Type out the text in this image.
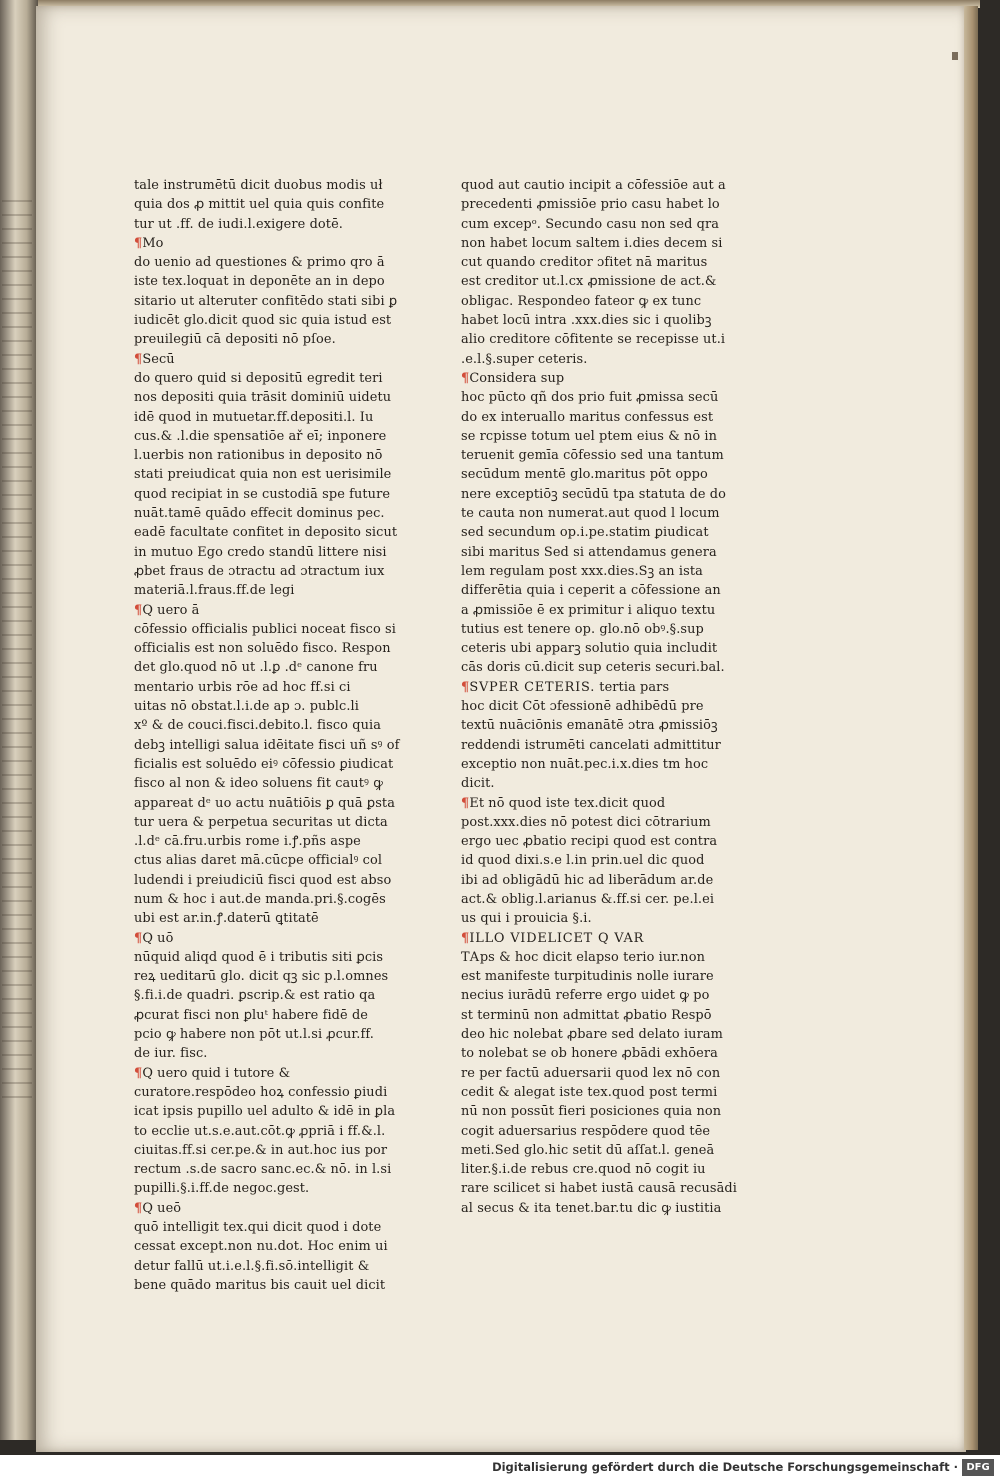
tale instrumētū dicit duobus modis uł
quia dos ꝓ mittit uel quia quis confite
tur ut .ff. de iudi.l.exigere dotē.
¶Mo
do uenio ad questiones & primo qro ā
iste tex.loquat in deponēte an in depo
sitario ut alteruter confitēdo stati sibi ꝑ
iudicēt glo.dicit quod sic quia istud est
preuilegiū cā depositi nō pſoe.
¶Secū
do quero quid si depositū egredit teri
nos depositi quia trāsit dominiū uidetu
idē quod in mutuetar.ff.depositi.l. Iu
cus.& .l.die spensatiōe ař eī; inponere
l.uerbis non rationibus in deposito nō
stati preiudicat quia non est uerisimile
quod recipiat in se custodiā spe future
nuāt.tamē quādo effecit dominus pec.
eadē facultate confitet in deposito sicut
in mutuo Ego credo standū littere nisi
ꝓbet fraus de ɔtractu ad ɔtractum iux
materiā.l.fraus.ff.de legi
¶Q uero ā
cōfessio officialis publici noceat fisco si
officialis est non soluēdo fisco. Respon
det glo.quod nō ut .l.ꝑ .dᵉ canone fru
mentario urbis rōe ad hoc ff.si ci
uitas nō obstat.l.i.de ap ɔ. publc.li
xº & de couci.fisci.debito.l. fisco quia
debꝫ intelligi salua idēitate fisci uñ sꝰ of
ficialis est soluēdo eiꝰ cōfessio ꝑiudicat
fisco al non & ideo soluens fit cautꝰ ꝙ
appareat dᵉ uo actu nuātiōis ꝑ quā ꝑsta
tur uera & perpetua securitas ut dicta
.l.dᵉ cā.fru.urbis rome i.ꝭ.pñs aspe
ctus alias daret mā.cūcpe officialꝰ col
ludendi i preiudiciū fisci quod est abso
num & hoc i aut.de manda.pri.§.cogēs
ubi est ar.in.ꝭ.daterū ꝗtitatē
¶Q uō
nūquid aliqd quod ē i tributis siti ꝑcis
reꝝ ueditarū glo. dicit qꝫ sic p.l.omnes
§.fi.i.de quadri. ꝑscrip.& est ratio qa
ꝓcurat fisci non ꝑluᵗ habere fidē de
pcio ꝙ habere non pōt ut.l.si ꝓcur.ff.
de iur. fisc.
¶Q uero quid i tutore &
curatore.respōdeo hoꝝ confessio ꝑiudi
icat ipsis pupillo uel adulto & idē in ꝑla
to ecclie ut.s.e.aut.cōt.ꝙ ꝓpriā i ff.&.l.
ciuitas.ff.si cer.pe.& in aut.hoc ius por
rectum .s.de sacro sanc.ec.& nō. in l.si
pupilli.§.i.ff.de negoc.gest.
¶Q ueō
quō intelligit tex.qui dicit quod i dote
cessat except.non nu.dot. Hoc enim ui
detur fallū ut.i.e.l.§.fi.sō.intelligit &
bene quādo maritus bis cauit uel dicit
quod aut cautio incipit a cōfessiōe aut a
precedenti ꝓmissiōe prio casu habet lo
cum excepᵒ. Secundo casu non sed qra
non habet locum saltem i.dies decem si
cut quando creditor ɔfitet nā maritus
est creditor ut.l.cx ꝓmissione de act.&
obligac. Respondeo fateor ꝙ ex tunc
habet locū intra .xxx.dies sic i quolibꝫ
alio creditore cōfitente se recepisse ut.i
.e.l.§.super ceteris.
¶Considera sup
hoc pūcto qñ dos prio fuit ꝓmissa secū
do ex interuallo maritus confessus est
se rcpisse totum uel ptem eius & nō in
teruenit gemīa cōfessio sed una tantum
secūdum mentē glo.maritus pōt oppo
nere exceptiōꝫ secūdū tpa statuta de do
te cauta non numerat.aut quod l locum
sed secundum op.i.pe.statim ꝑiudicat
sibi maritus Sed si attendamus genera
lem regulam post xxx.dies.Sꝫ an ista
differētia quia i ceperit a cōfessione an
a ꝓmissiōe ē ex primitur i aliquo textu
tutius est tenere op. glo.nō obꝰ.§.sup
ceteris ubi apparꝫ solutio quia includit
cās doris cū.dicit sup ceteris securi.bal.
¶SVPER CETERIS. tertia pars
hoc dicit Cōt ɔfessionē adhibēdū pre
textū nuāciōnis emanātē ɔtra ꝓmissiōꝫ
reddendi istrumēti cancelati admittitur
exceptio non nuāt.pec.i.x.dies tm hoc
dicit.
¶Et nō quod iste tex.dicit quod
post.xxx.dies nō potest dici cōtrarium
ergo uec ꝓbatio recipi quod est contra
id quod dixi.s.e l.in prin.uel dic quod
ibi ad obligādū hic ad liberādum ar.de
act.& oblig.l.arianus &.ff.si cer. pe.l.ei
us qui i prouicia §.i.
¶ILLO VIDELICET Q VAR
TAps & hoc dicit elapso terio iur.non
est manifeste turpitudinis nolle iurare
necius iurādū referre ergo uidet ꝙ po
st terminū non admittat ꝓbatio Respō
deo hic nolebat ꝓbare sed delato iuram
to nolebat se ob honere ꝓbādi exhōera
re per factū aduersarii quod lex nō con
cedit & alegat iste tex.quod post termi
nū non possūt fieri posiciones quia non
cogit aduersarius respōdere quod tēe
meti.Sed glo.hic setit dū aſſat.l. geneā
liter.§.i.de rebus cre.quod nō cogit iu
rare scilicet si habet iustā causā recusādi
al secus & ita tenet.bar.tu dic ꝙ iustitia
Digitalisierung gefördert durch die Deutsche Forschungsgemeinschaft · DFG
